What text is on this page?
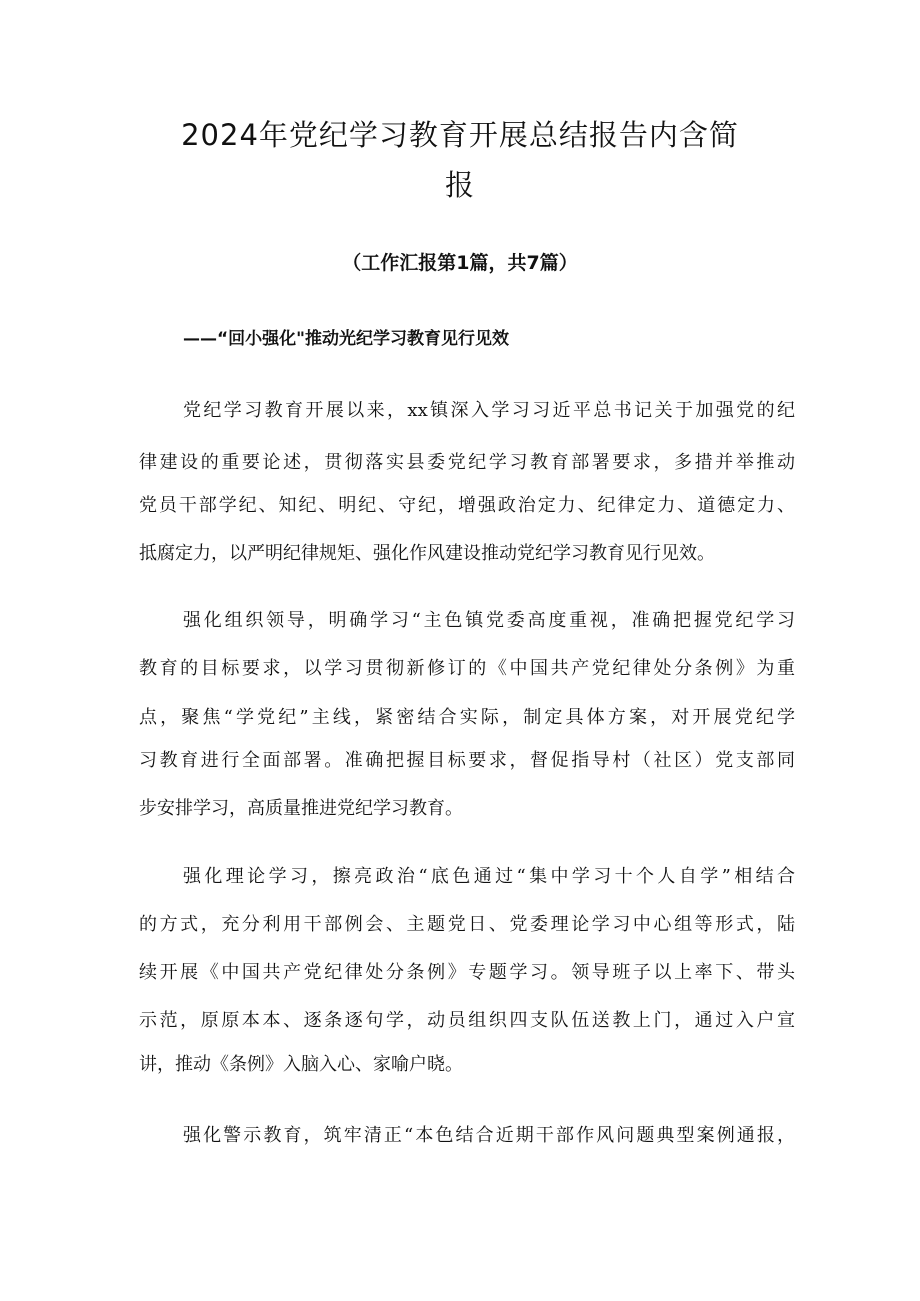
2024年党纪学习教育开展总结报告内含简
报
（工作汇报第1篇，共7篇）
——“回小强化"推动光纪学习教育见行见效
党纪学习教育开展以来，xx镇深入学习习近平总书记关于加强党的纪
律建设的重要论述，贯彻落实县委党纪学习教育部署要求，多措并举推动
党员干部学纪、知纪、明纪、守纪，增强政治定力、纪律定力、道德定力、
抵腐定力，以严明纪律规矩、强化作风建设推动党纪学习教育见行见效。
强化组织领导，明确学习“主色镇党委高度重视，准确把握党纪学习
教育的目标要求，以学习贯彻新修订的《中国共产党纪律处分条例》为重
点，聚焦“学党纪”主线，紧密结合实际，制定具体方案，对开展党纪学
习教育进行全面部署。准确把握目标要求，督促指导村（社区）党支部同
步安排学习，高质量推进党纪学习教育。
强化理论学习，擦亮政治“底色通过“集中学习十个人自学”相结合
的方式，充分利用干部例会、主题党日、党委理论学习中心组等形式，陆
续开展《中国共产党纪律处分条例》专题学习。领导班子以上率下、带头
示范，原原本本、逐条逐句学，动员组织四支队伍送教上门，通过入户宣
讲，推动《条例》入脑入心、家喻户晓。
强化警示教育，筑牢清正“本色结合近期干部作风问题典型案例通报，
